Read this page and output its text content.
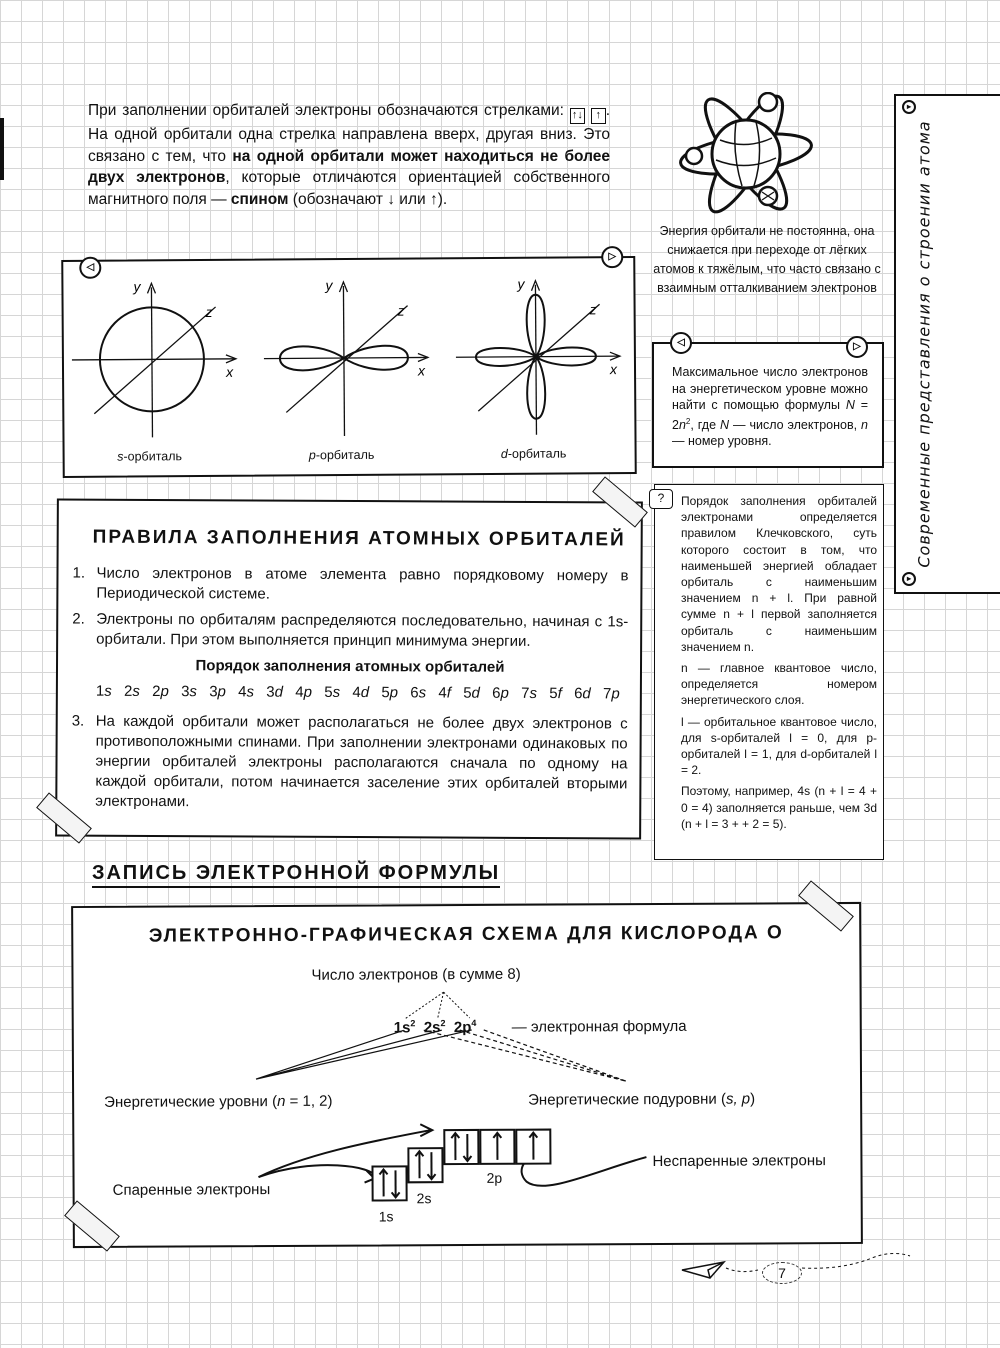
При заполнении орбиталей электроны обозначаются стрелками: ↑↓ ↑ . На одной орбитали одна стрелка направлена вверх, другая вниз. Это связано с тем, что на одной орбитали может находиться не более двух электронов, которые отличаются ориентацией собственного магнитного поля — спином (обозначают ↓ или ↑).
Энергия орбитали не постоянна, она снижается при переходе от лёгких атомов к тяжёлым, что часто связано с взаимным отталкиванием электронов
◁
▷
y
z
x
s-орбиталь
y
z
x
p-орбиталь
y
z
x
d-орбиталь
◁	▷
Максимальное число электронов на энергетическом уровне можно найти с помощью формулы $N = 2n^2$, где N — число электронов, n — номер уровня.
?	Порядок заполнения орбиталей электронами определяется правилом Клечковского, суть которого состоит в том, что наименьшей энергией обладает орбиталь с наименьшим значением n + l. При равной сумме n + l первой заполняется орбиталь с наименьшим значением n.

n — главное квантовое число, определяется номером энергетического слоя.

l — орбитальное квантовое число, для s-орбиталей l = 0, для p-орбиталей l = 1, для d-орбиталей l = 2.

Поэтому, например, 4s (n + l = 4 + 0 = 4) заполняется раньше, чем 3d (n + l = 3 + + 2 = 5).

▸
▸
Современные представления о строении атома
ПРАВИЛА ЗАПОЛНЕНИЯ АТОМНЫХ ОРБИТАЛЕЙ
1. Число электронов в атоме элемента равно порядковому номеру в Периодической системе.
2. Электроны по орбиталям распределяются последовательно, начиная с 1s-орбитали. При этом выполняется принцип минимума энергии.
Порядок заполнения атомных орбиталей
1s 2s 2p 3s 3p 4s 3d 4p 5s 4d 5p 6s 4f 5d 6p 7s 5f 6d 7p
3. На каждой орбитали может располагаться не более двух электронов с противоположными спинами. При заполнении электронами одинаковых по энергии орбиталей электроны располагаются сначала по одному на каждой орбитали, потом начинается заселение этих орбиталей вторыми электронами.
ЗАПИСЬ ЭЛЕКТРОННОЙ ФОРМУЛЫ
ЭЛЕКТРОННО-ГРАФИЧЕСКАЯ СХЕМА ДЛЯ КИСЛОРОДА O
Число электронов (в сумме 8)
$1s^2$ $2s^2$ $2p^4$ — электронная формула
Энергетические уровни (n = 1, 2)	Энергетические подуровни (s, p)
Спаренные электроны
Неспаренные электроны
1s
2s
2p
7
